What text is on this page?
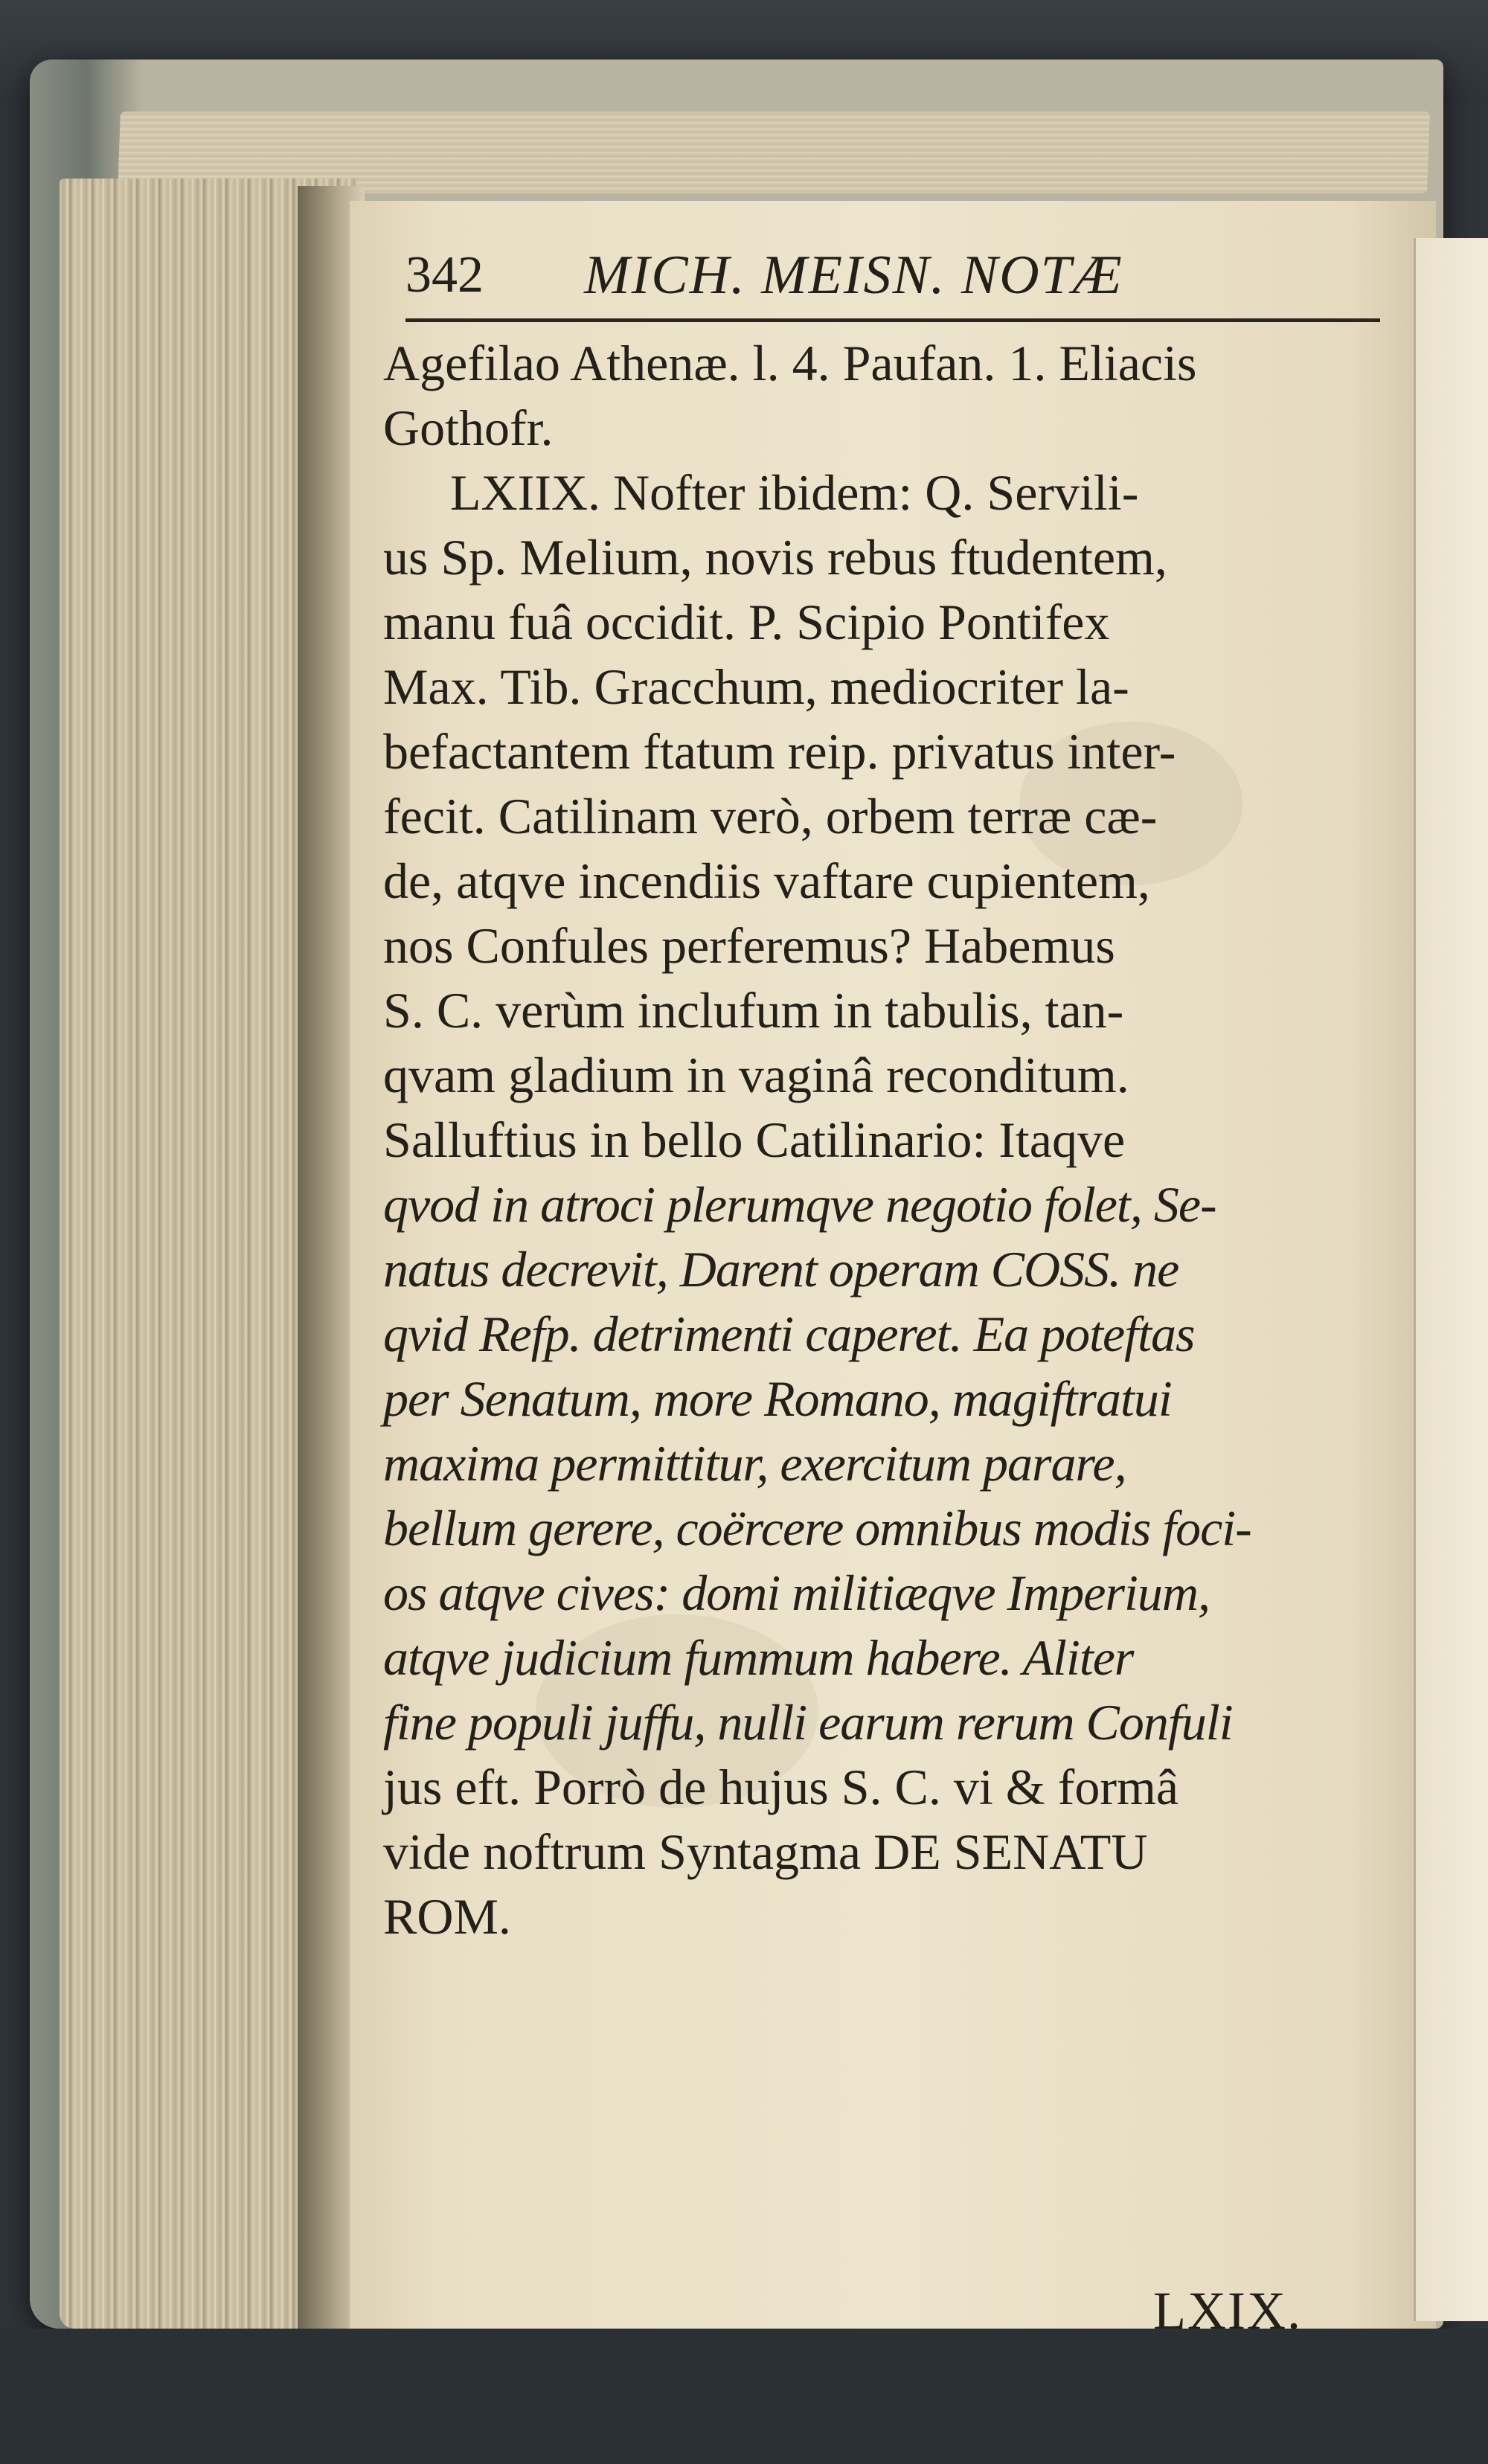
342 MICH. MEISN. NOTÆ
Agefilao Athenæ. l. 4. Paufan. 1. Eliacis
Gothofr.
LXIIX. Nofter ibidem: Q. Servili-
us Sp. Melium, novis rebus ftudentem,
manu fuâ occidit. P. Scipio Pontifex
Max. Tib. Gracchum, mediocriter la-
befactantem ftatum reip. privatus inter-
fecit. Catilinam verò, orbem terræ cæ-
de, atqve incendiis vaftare cupientem,
nos Confules perferemus? Habemus
S. C. verùm inclufum in tabulis, tan-
qvam gladium in vaginâ reconditum.
Salluftius in bello Catilinario: Itaqve
qvod in atroci plerumqve negotio folet, Se-
natus decrevit, Darent operam COSS. ne
qvid Refp. detrimenti caperet. Ea poteftas
per Senatum, more Romano, magiftratui
maxima permittitur, exercitum parare,
bellum gerere, coërcere omnibus modis foci-
os atqve cives: domi militiæqve Imperium,
atqve judicium fummum habere. Aliter
fine populi juffu, nulli earum rerum Confuli
jus eft. Porrò de hujus S. C. vi & formâ
vide noftrum Syntagma DE SENATU
ROM.
LXIX.
